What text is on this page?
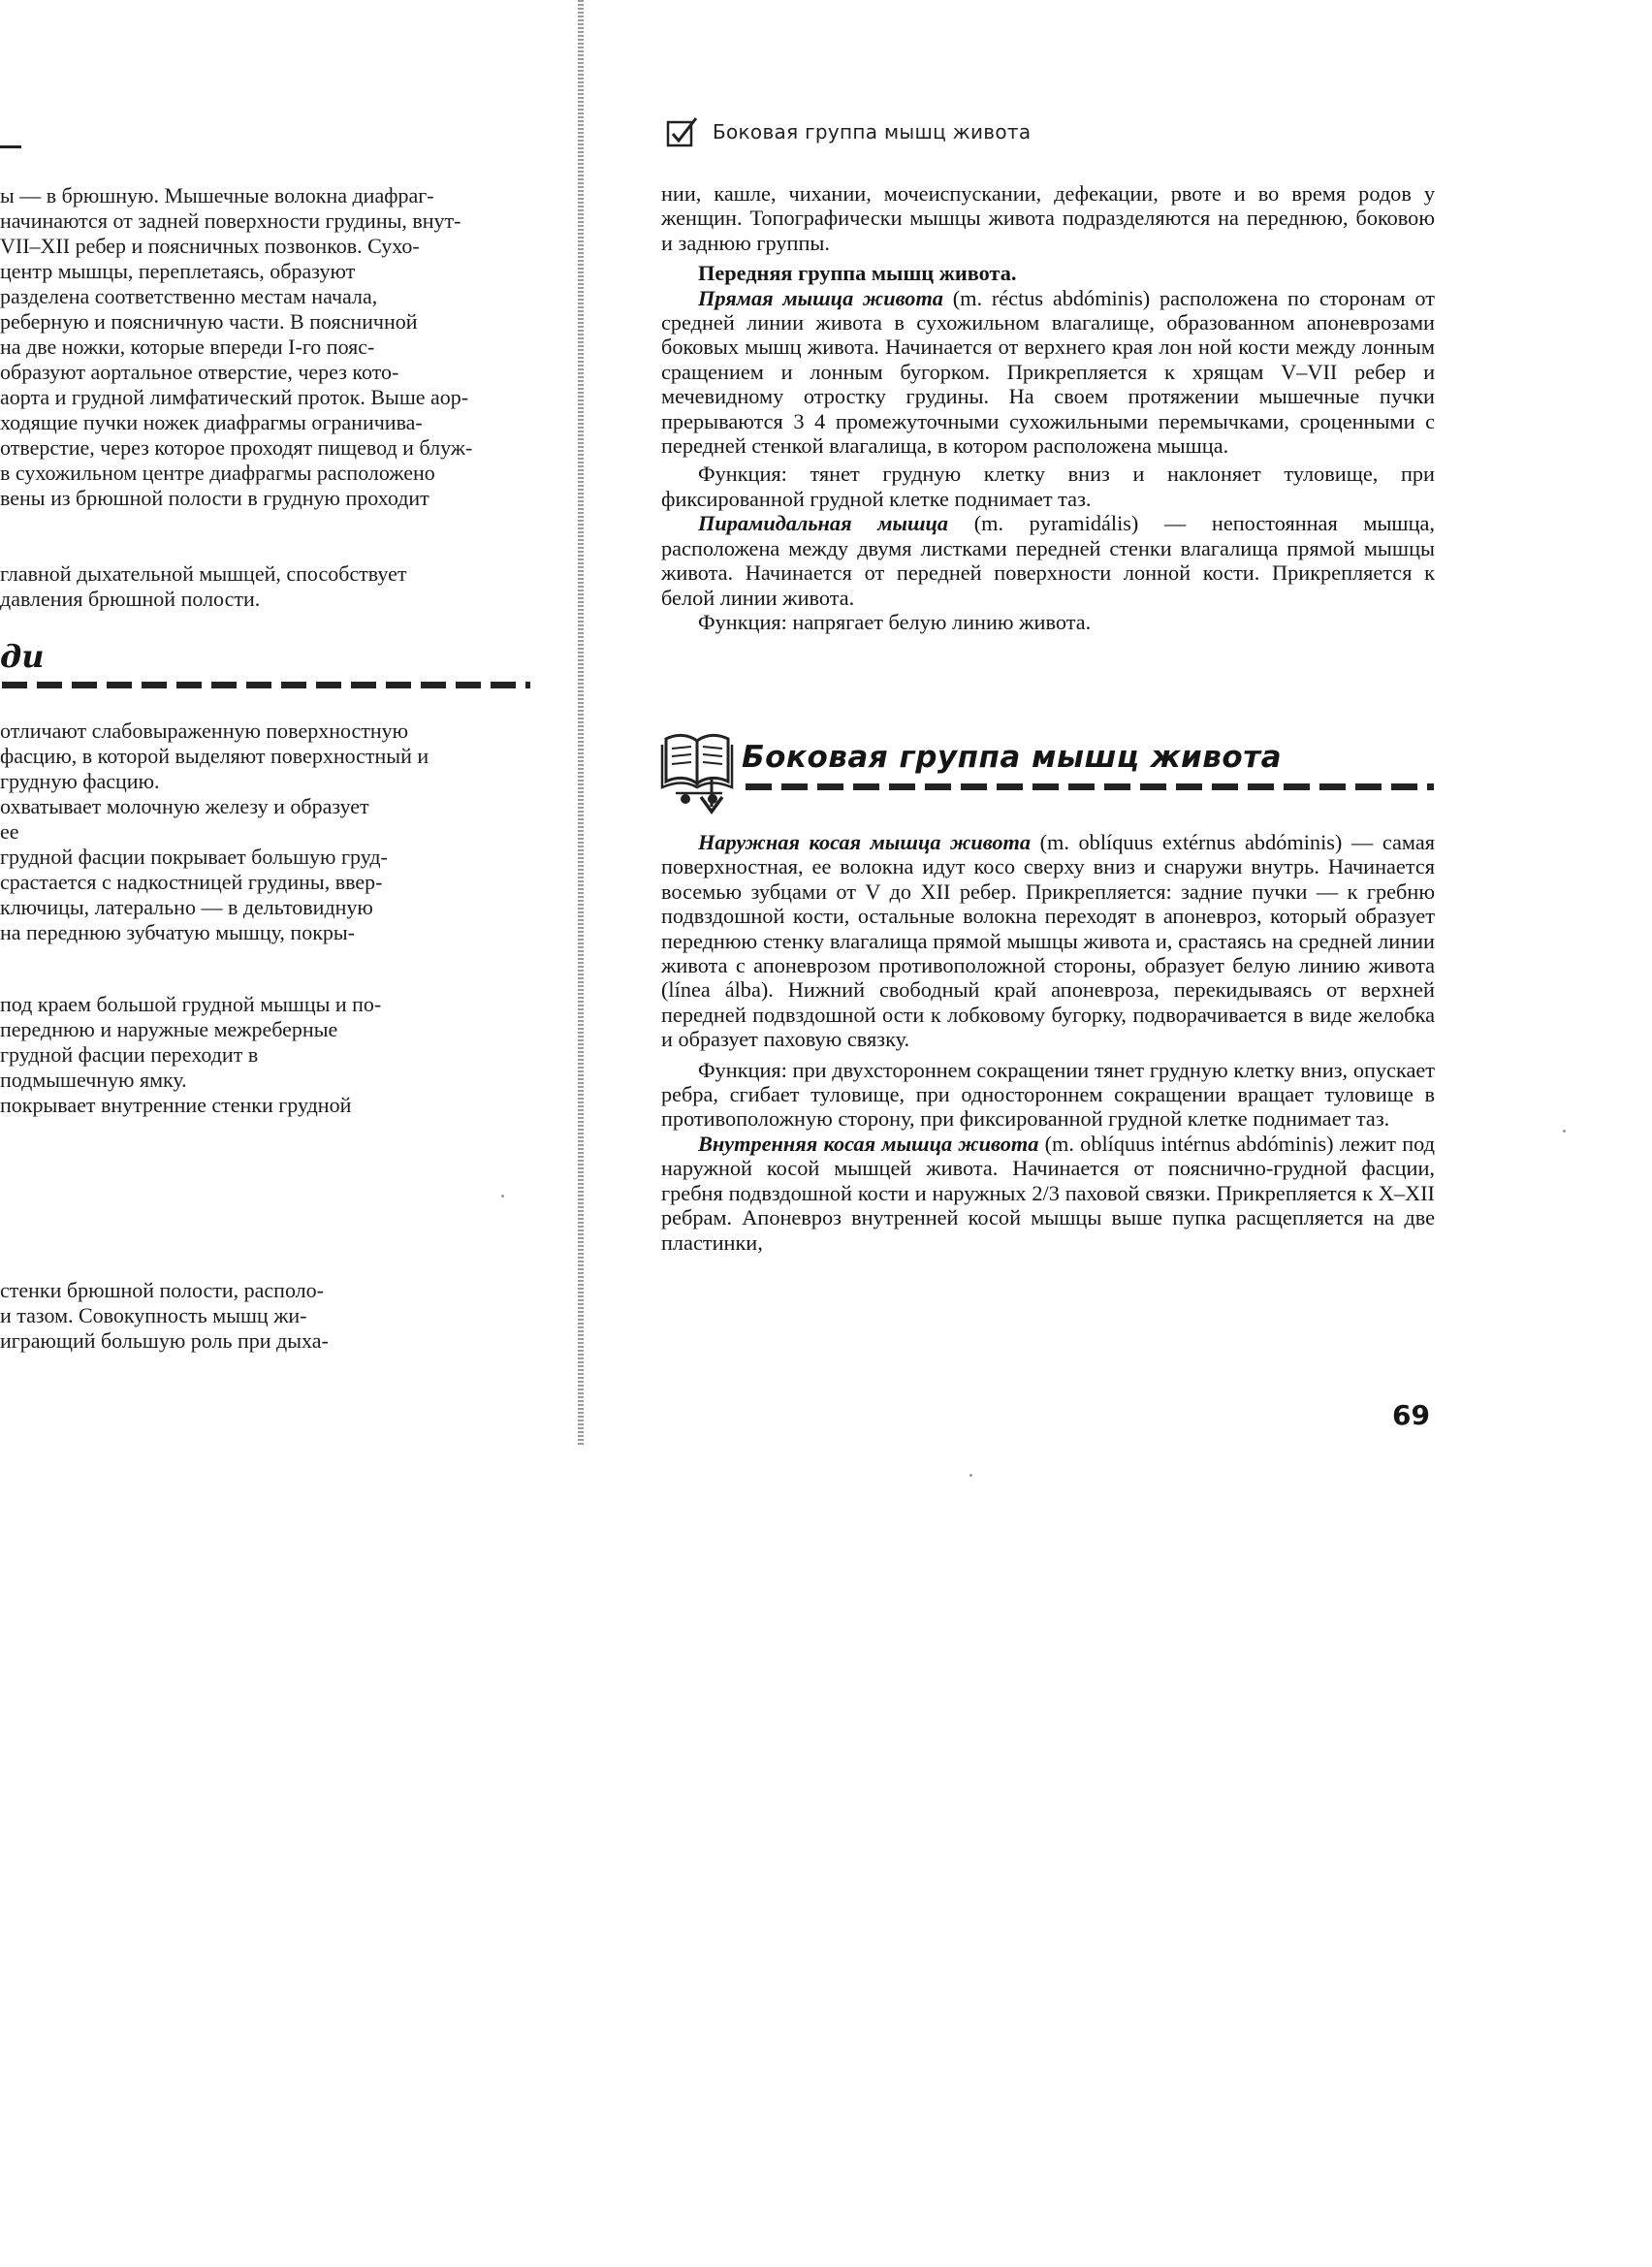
ы — в брюшную. Мышечные волокна диафраг-

начинаются от задней поверхности грудины, внут-

VII–XII ребер и поясничных позвонков. Сухо-

центр мышцы, переплетаясь, образуют

разделена соответственно местам начала,

реберную и поясничную части. В поясничной

на две ножки, которые впереди I-го пояс-

образуют аортальное отверстие, через кото-

аорта и грудной лимфатический проток. Выше аор-

ходящие пучки ножек диафрагмы ограничива-

отверстие, через которое проходят пищевод и блуж-

в сухожильном центре диафрагмы расположено

вены из брюшной полости в грудную проходит

главной дыхательной мышцей, способствует

давления брюшной полости.

ди

отличают слабовыраженную поверхностную

фасцию, в которой выделяют поверхностный и

грудную фасцию.

охватывает молочную железу и образует

ее

грудной фасции покрывает большую груд-

срастается с надкостницей грудины, ввер-

ключицы, латерально — в дельтовидную

на переднюю зубчатую мышцу, покры-

под краем большой грудной мышцы и по-

переднюю и наружные межреберные

грудной фасции переходит в

подмышечную ямку.

покрывает внутренние стенки грудной

стенки брюшной полости, располо-

и тазом. Совокупность мышц жи-

играющий большую роль при дыха-

Боковая группа мышц живота

нии, кашле, чихании, мочеиспускании, дефекации, рвоте и во время родов у женщин. Топографически мышцы живота подразделяются на переднюю, боковою и заднюю группы.

Передняя группа мышц живота.

Прямая мышца живота (m. réctus abdóminis) расположена по сторонам от средней линии живота в сухожильном влагалище, образованном апоневрозами боковых мышц живота. Начинается от верхнего края лон ной кости между лонным сращением и лонным бугорком. Прикрепляется к хрящам V–VII ребер и мечевидному отростку грудины. На своем протяжении мышечные пучки прерываются 3 4 промежуточными сухожильными перемычками, сроценными с передней стенкой влагалища, в котором расположена мышца.

Функция: тянет грудную клетку вниз и наклоняет туловище, при фиксированной грудной клетке поднимает таз.

Пирамидальная мышца (m. pyramidális) — непостоянная мышца, расположена между двумя листками передней стенки влагалища прямой мышцы живота. Начинается от передней поверхности лонной кости. Прикрепляется к белой линии живота.

Функция: напрягает белую линию живота.

Боковая группа мышц живота

Наружная косая мышца живота (m. oblíquus extérnus abdóminis) — самая поверхностная, ее волокна идут косо сверху вниз и снаружи внутрь. Начинается восемью зубцами от V до XII ребер. Прикрепляется: задние пучки — к гребню подвздошной кости, остальные волокна переходят в апоневроз, который образует переднюю стенку влагалища прямой мышцы живота и, срастаясь на средней линии живота с апоневрозом противоположной стороны, образует белую линию живота (línea álba). Нижний свободный край апоневроза, перекидываясь от верхней передней подвздошной ости к лобковому бугорку, подворачивается в виде желобка и образует паховую связку.

Функция: при двухстороннем сокращении тянет грудную клетку вниз, опускает ребра, сгибает туловище, при одностороннем сокращении вращает туловище в противоположную сторону, при фиксированной грудной клетке поднимает таз.

Внутренняя косая мышца живота (m. oblíquus intérnus abdóminis) лежит под наружной косой мышцей живота. Начинается от пояснично-грудной фасции, гребня подвздошной кости и наружных 2/3 паховой связки. Прикрепляется к X–XII ребрам. Апоневроз внутренней косой мышцы выше пупка расщепляется на две пластинки,

69
